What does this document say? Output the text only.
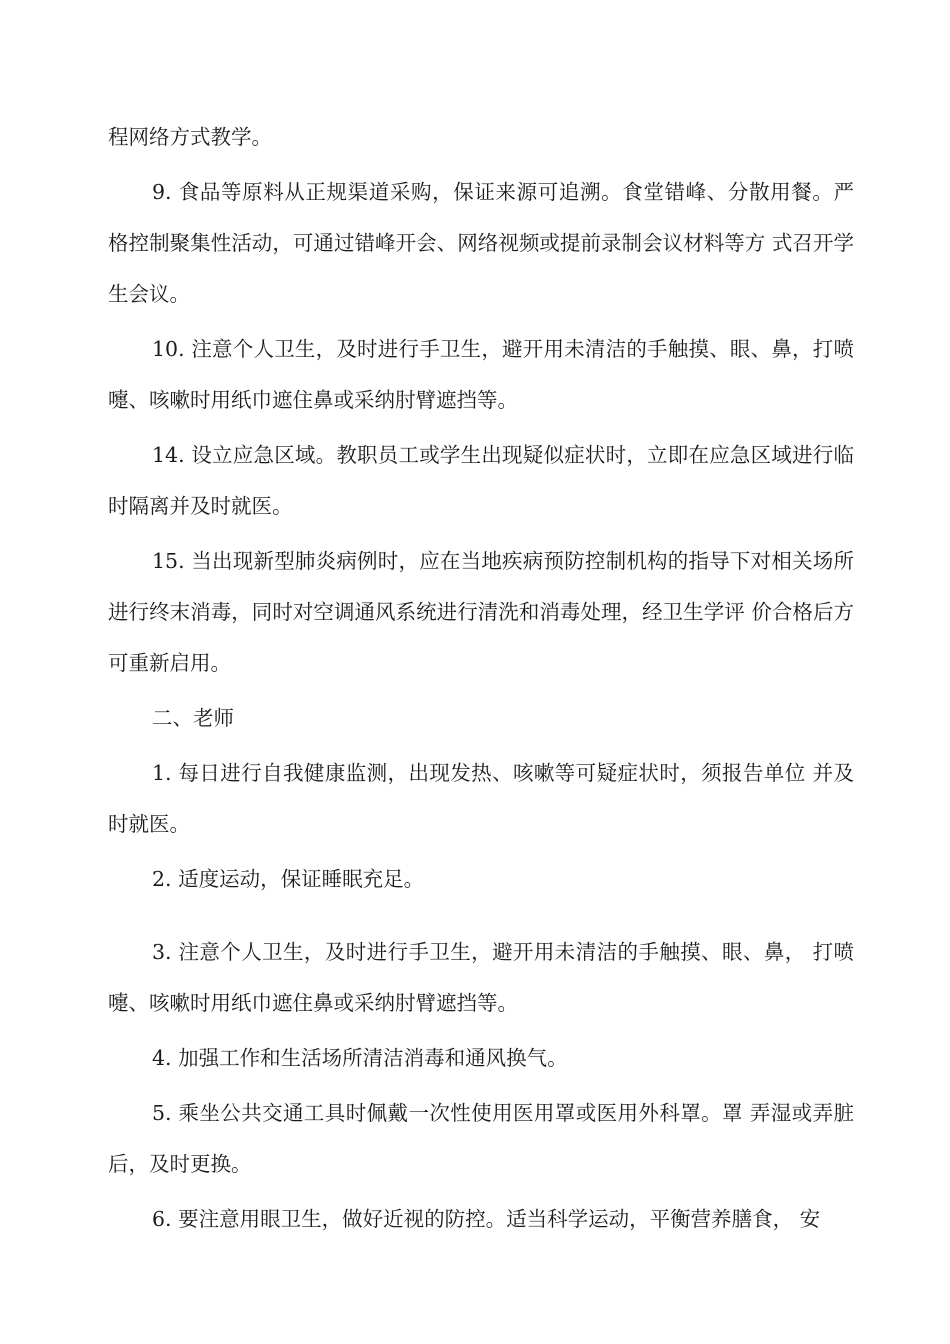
程网络方式教学。

9. 食品等原料从正规渠道采购，保证来源可追溯。食堂错峰、分散用餐。严格控制聚集性活动，可通过错峰开会、网络视频或提前录制会议材料等方 式召开学生会议。

10. 注意个人卫生，及时进行手卫生，避开用未清洁的手触摸、眼、鼻，打喷嚏、咳嗽时用纸巾遮住鼻或采纳肘臂遮挡等。

14. 设立应急区域。教职员工或学生出现疑似症状时，立即在应急区域进行临时隔离并及时就医。

15. 当出现新型肺炎病例时，应在当地疾病预防控制机构的指导下对相关场所进行终末消毒，同时对空调通风系统进行清洗和消毒处理，经卫生学评 价合格后方可重新启用。

二、老师

1. 每日进行自我健康监测，出现发热、咳嗽等可疑症状时，须报告单位 并及时就医。

2. 适度运动，保证睡眠充足。

3. 注意个人卫生，及时进行手卫生，避开用未清洁的手触摸、眼、鼻， 打喷嚏、咳嗽时用纸巾遮住鼻或采纳肘臂遮挡等。

4. 加强工作和生活场所清洁消毒和通风换气。

5. 乘坐公共交通工具时佩戴一次性使用医用罩或医用外科罩。罩 弄湿或弄脏后，及时更换。

6. 要注意用眼卫生，做好近视的防控。适当科学运动，平衡营养膳食， 安
